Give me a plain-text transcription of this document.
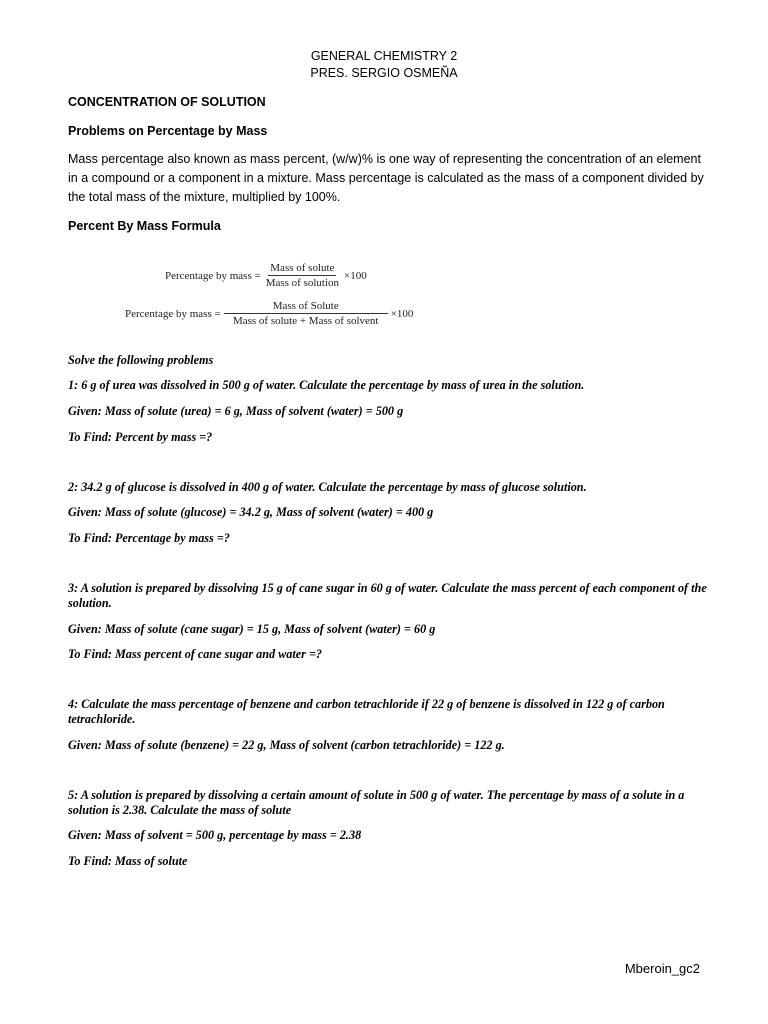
GENERAL CHEMISTRY 2
PRES. SERGIO OSMEÑA
CONCENTRATION OF SOLUTION
Problems on Percentage by Mass
Mass percentage also known as mass percent, (w/w)% is one way of representing the concentration of an element in a compound or a component in a mixture. Mass percentage is calculated as the mass of a component divided by the total mass of the mixture, multiplied by 100%.
Percent By Mass Formula
Percentage by mass = $\frac{\text{Mass of solute}}{\text{Mass of solution}} \times 100$
Percentage by mass = $\frac{\text{Mass of Solute}}{\text{Mass of solute + Mass of solvent}} \times 100$
Solve the following problems
1: 6 g of urea was dissolved in 500 g of water. Calculate the percentage by mass of urea in the solution.
Given: Mass of solute (urea) = 6 g, Mass of solvent (water) = 500 g
To Find: Percent by mass =?
2: 34.2 g of glucose is dissolved in 400 g of water. Calculate the percentage by mass of glucose solution.
Given: Mass of solute (glucose) = 34.2 g, Mass of solvent (water) = 400 g
To Find: Percentage by mass =?
3: A solution is prepared by dissolving 15 g of cane sugar in 60 g of water. Calculate the mass percent of each component of the solution.
Given: Mass of solute (cane sugar) = 15 g, Mass of solvent (water) = 60 g
To Find: Mass percent of cane sugar and water =?
4: Calculate the mass percentage of benzene and carbon tetrachloride if 22 g of benzene is dissolved in 122 g of carbon tetrachloride.
Given: Mass of solute (benzene) = 22 g, Mass of solvent (carbon tetrachloride) = 122 g.
5: A solution is prepared by dissolving a certain amount of solute in 500 g of water. The percentage by mass of a solute in a solution is 2.38. Calculate the mass of solute
Given: Mass of solvent = 500 g, percentage by mass = 2.38
To Find: Mass of solute
Mberoin_gc2
